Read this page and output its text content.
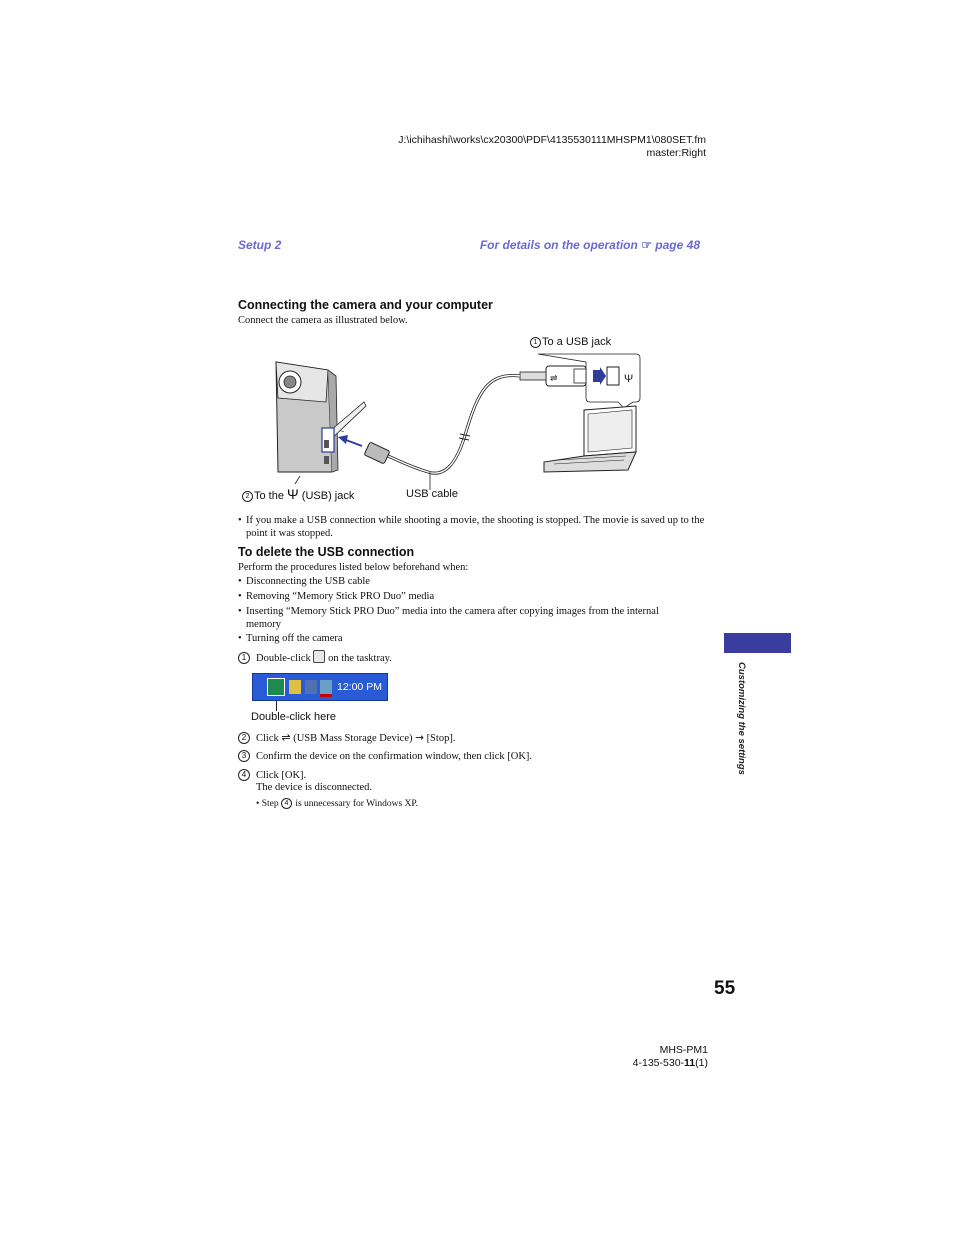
J:\ichihashi\works\cx20300\PDF\4135530111MHSPM1\080SET.fm
master:Right
Setup 2	For details on the operation ☞ page 48
Connecting the camera and your computer
Connect the camera as illustrated below.
1 To a USB jack
Ψ
⇌
2 To the Ψ (USB) jack	USB cable
• If you make a USB connection while shooting a movie, the shooting is stopped. The movie is saved up to the point it was stopped.
To delete the USB connection
Perform the procedures listed below beforehand when:
• Disconnecting the USB cable
• Removing “Memory Stick PRO Duo” media
• Inserting “Memory Stick PRO Duo” media into the camera after copying images from the internal memory
• Turning off the camera
1 Double-click on the tasktray.
12:00 PM
Double-click here
2 Click ⇌ (USB Mass Storage Device) → [Stop].
3 Confirm the device on the confirmation window, then click [OK].
4 Click [OK].
The device is disconnected.
• Step 4 is unnecessary for Windows XP.
Customizing the settings
55
MHS-PM1
4-135-530-11(1)
